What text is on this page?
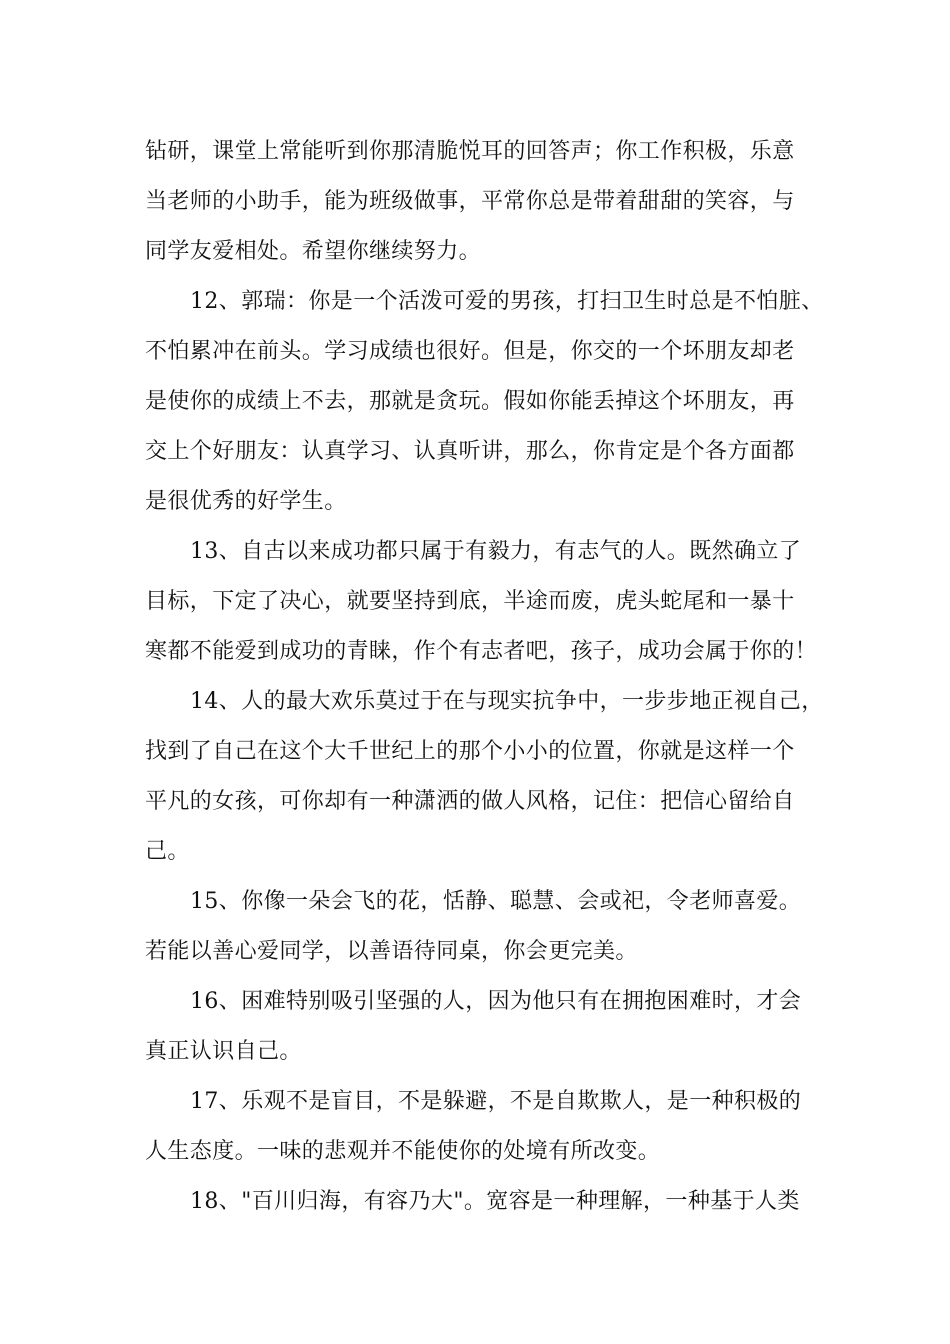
钻研，课堂上常能听到你那清脆悦耳的回答声；你工作积极，乐意
当老师的小助手，能为班级做事，平常你总是带着甜甜的笑容，与
同学友爱相处。希望你继续努力。
12、郭瑞：你是一个活泼可爱的男孩，打扫卫生时总是不怕脏、
不怕累冲在前头。学习成绩也很好。但是，你交的一个坏朋友却老
是使你的成绩上不去，那就是贪玩。假如你能丢掉这个坏朋友，再
交上个好朋友：认真学习、认真听讲，那么，你肯定是个各方面都
是很优秀的好学生。
13、自古以来成功都只属于有毅力，有志气的人。既然确立了
目标，下定了决心，就要坚持到底，半途而废，虎头蛇尾和一暴十
寒都不能爱到成功的青睐，作个有志者吧，孩子，成功会属于你的！
14、人的最大欢乐莫过于在与现实抗争中，一步步地正视自己，
找到了自己在这个大千世纪上的那个小小的位置，你就是这样一个
平凡的女孩，可你却有一种潇洒的做人风格，记住：把信心留给自
己。
15、你像一朵会飞的花，恬静、聪慧、会或祀，令老师喜爱。
若能以善心爱同学，以善语待同桌，你会更完美。
16、困难特别吸引坚强的人，因为他只有在拥抱困难时，才会
真正认识自己。
17、乐观不是盲目，不是躲避，不是自欺欺人，是一种积极的
人生态度。一味的悲观并不能使你的处境有所改变。
18、"百川归海，有容乃大"。宽容是一种理解，一种基于人类
